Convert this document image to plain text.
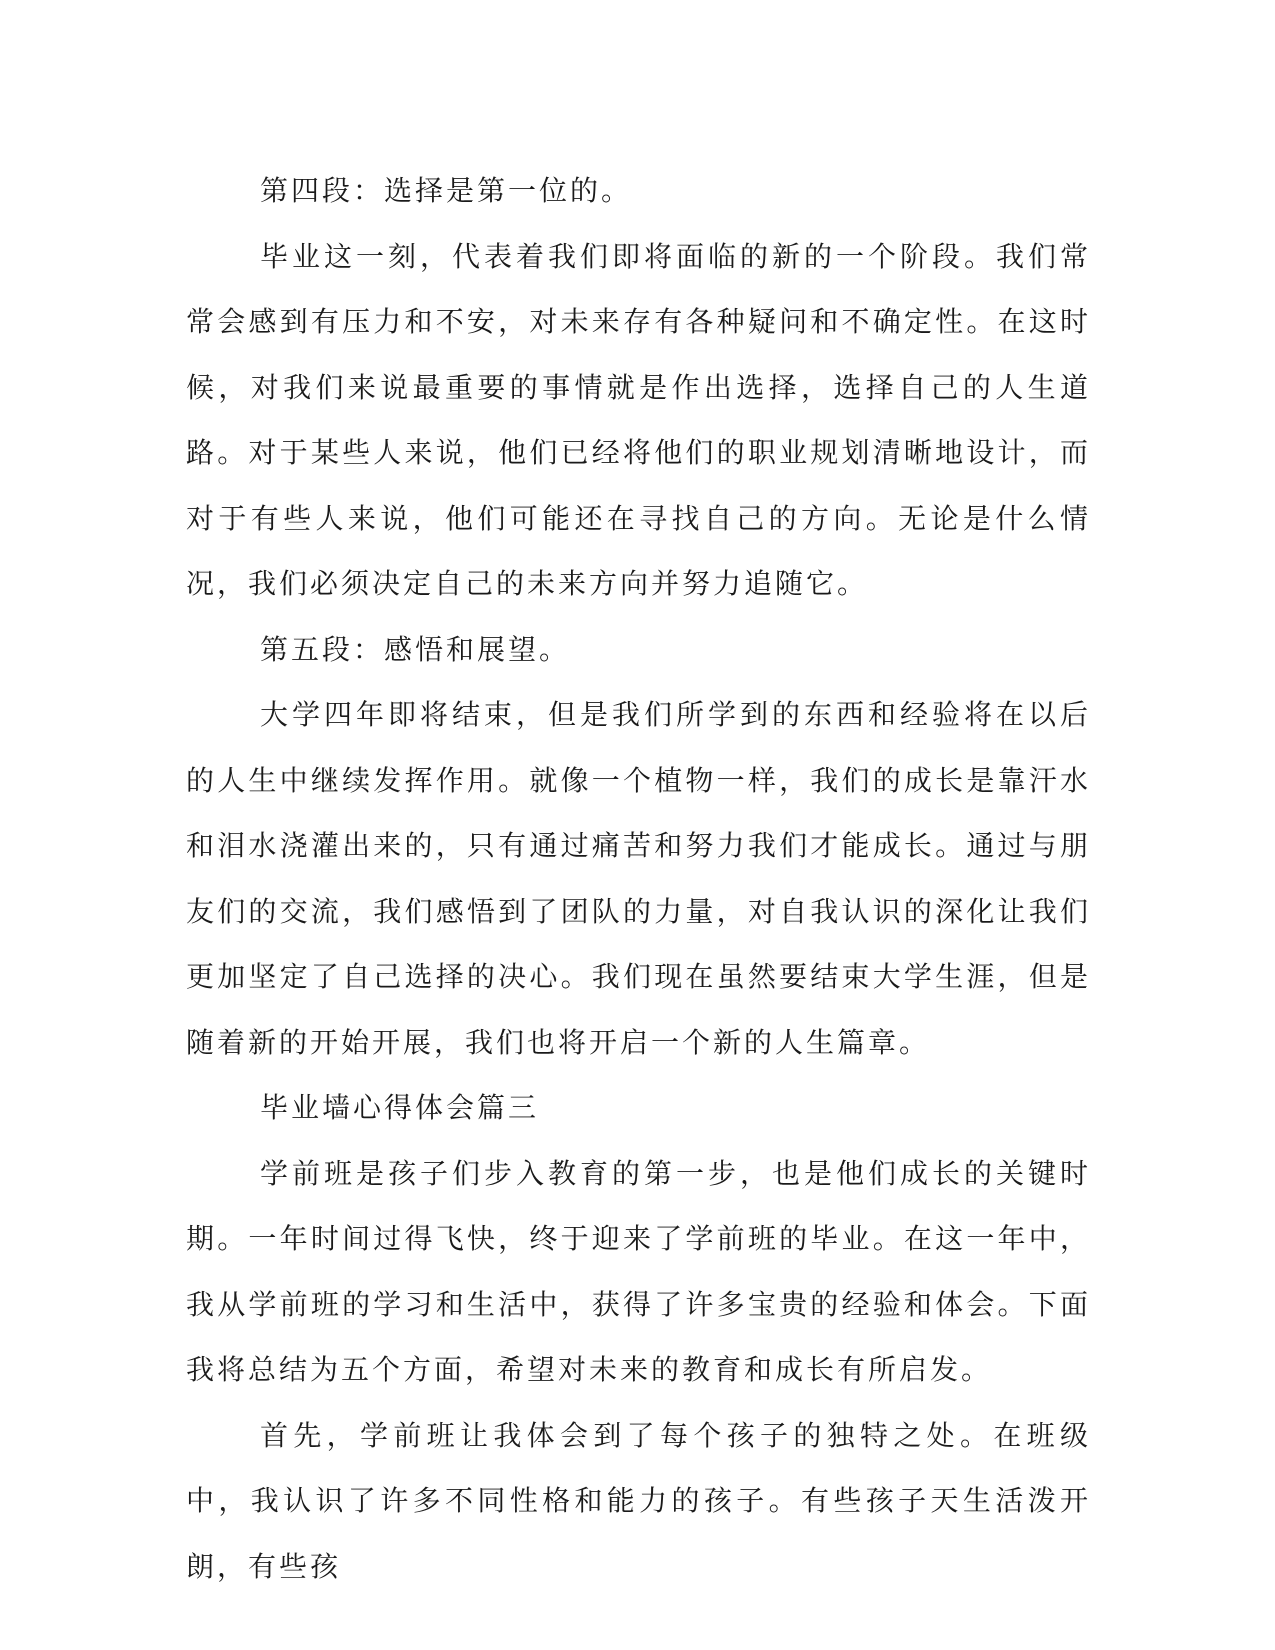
第四段：选择是第一位的。

毕业这一刻，代表着我们即将面临的新的一个阶段。我们常常会感到有压力和不安，对未来存有各种疑问和不确定性。在这时候，对我们来说最重要的事情就是作出选择，选择自己的人生道路。对于某些人来说，他们已经将他们的职业规划清晰地设计，而对于有些人来说，他们可能还在寻找自己的方向。无论是什么情况，我们必须决定自己的未来方向并努力追随它。

第五段：感悟和展望。

大学四年即将结束，但是我们所学到的东西和经验将在以后的人生中继续发挥作用。就像一个植物一样，我们的成长是靠汗水和泪水浇灌出来的，只有通过痛苦和努力我们才能成长。通过与朋友们的交流，我们感悟到了团队的力量，对自我认识的深化让我们更加坚定了自己选择的决心。我们现在虽然要结束大学生涯，但是随着新的开始开展，我们也将开启一个新的人生篇章。

毕业墙心得体会篇三

学前班是孩子们步入教育的第一步，也是他们成长的关键时期。一年时间过得飞快，终于迎来了学前班的毕业。在这一年中，我从学前班的学习和生活中，获得了许多宝贵的经验和体会。下面我将总结为五个方面，希望对未来的教育和成长有所启发。

首先，学前班让我体会到了每个孩子的独特之处。在班级中，我认识了许多不同性格和能力的孩子。有些孩子天生活泼开朗，有些孩
